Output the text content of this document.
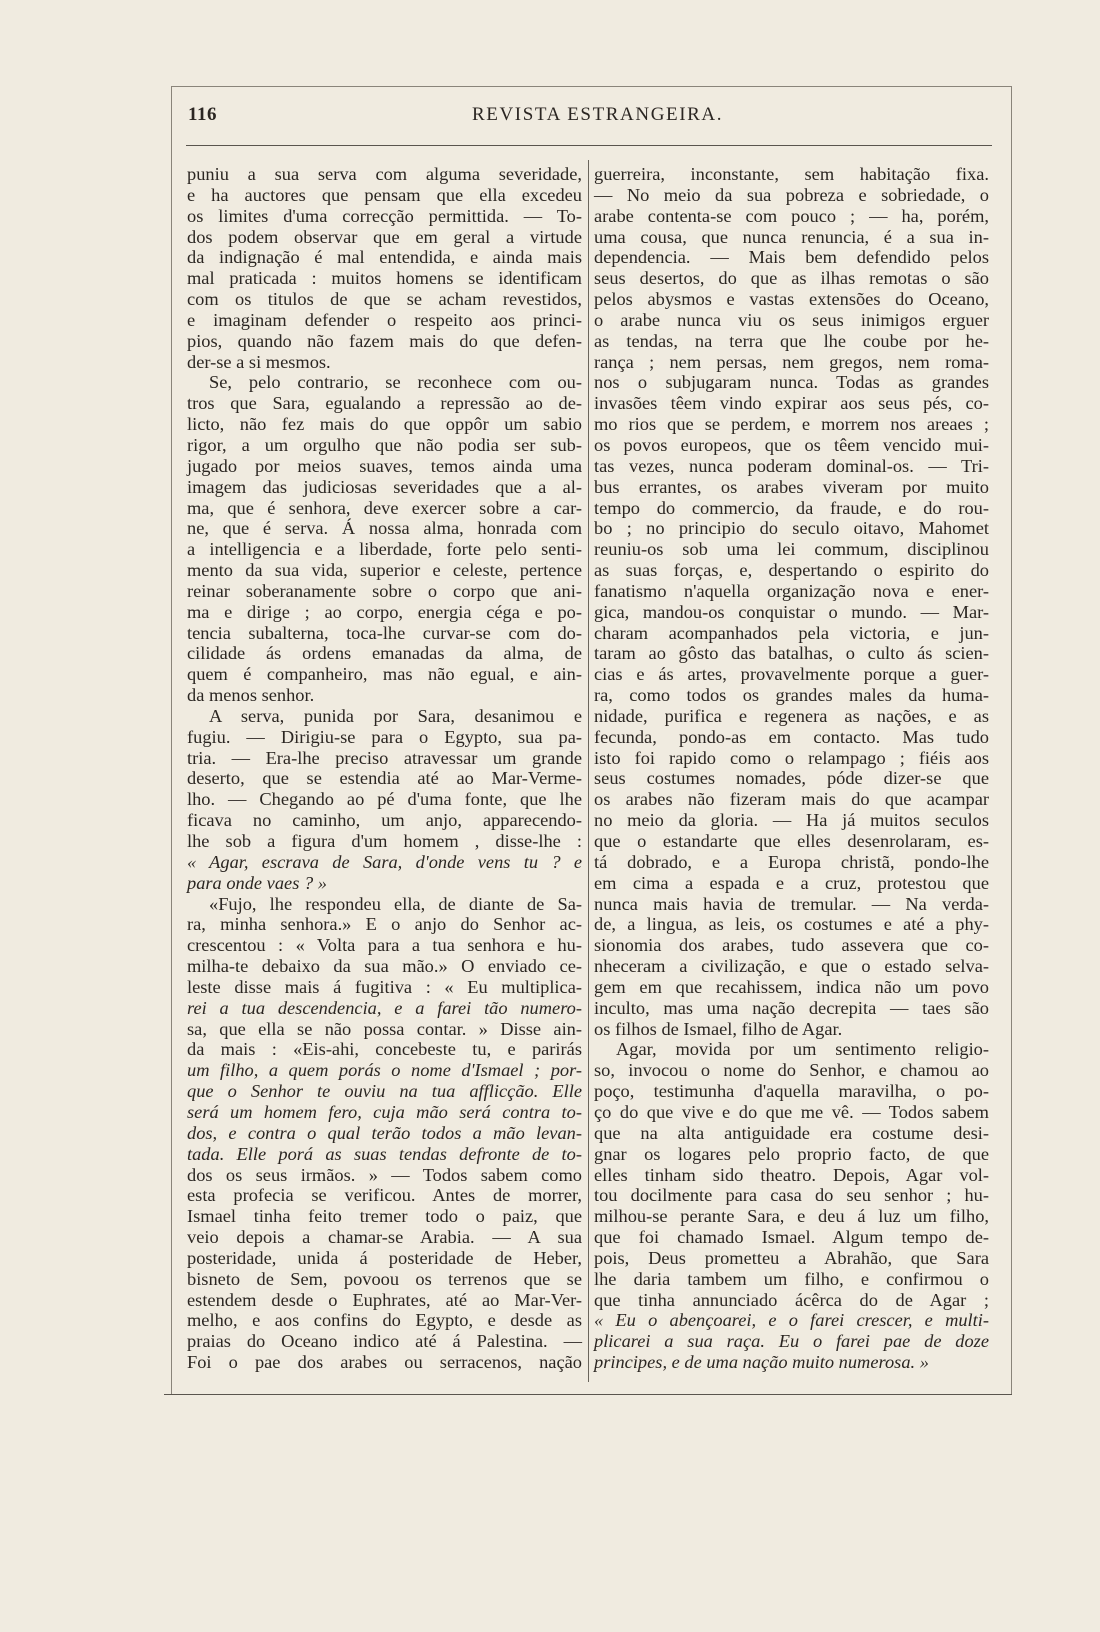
116	REVISTA ESTRANGEIRA.
puniu a sua serva com alguma severidade,
e ha auctores que pensam que ella excedeu
os limites d'uma correcção permittida. — To-
dos podem observar que em geral a virtude
da indignação é mal entendida, e ainda mais
mal praticada : muitos homens se identificam
com os titulos de que se acham revestidos,
e imaginam defender o respeito aos princi-
pios, quando não fazem mais do que defen-
der-se a si mesmos.
Se, pelo contrario, se reconhece com ou-
tros que Sara, egualando a repressão ao de-
licto, não fez mais do que oppôr um sabio
rigor, a um orgulho que não podia ser sub-
jugado por meios suaves, temos ainda uma
imagem das judiciosas severidades que a al-
ma, que é senhora, deve exercer sobre a car-
ne, que é serva. Á nossa alma, honrada com
a intelligencia e a liberdade, forte pelo senti-
mento da sua vida, superior e celeste, pertence
reinar soberanamente sobre o corpo que ani-
ma e dirige ; ao corpo, energia céga e po-
tencia subalterna, toca-lhe curvar-se com do-
cilidade ás ordens emanadas da alma, de
quem é companheiro, mas não egual, e ain-
da menos senhor.
A serva, punida por Sara, desanimou e
fugiu. — Dirigiu-se para o Egypto, sua pa-
tria. — Era-lhe preciso atravessar um grande
deserto, que se estendia até ao Mar-Verme-
lho. — Chegando ao pé d'uma fonte, que lhe
ficava no caminho, um anjo, apparecendo-
lhe sob a figura d'um homem , disse-lhe :
« Agar, escrava de Sara, d'onde vens tu ? e
para onde vaes ? »
«Fujo, lhe respondeu ella, de diante de Sa-
ra, minha senhora.» E o anjo do Senhor ac-
crescentou : « Volta para a tua senhora e hu-
milha-te debaixo da sua mão.» O enviado ce-
leste disse mais á fugitiva : « Eu multiplica-
rei a tua descendencia, e a farei tão numero-
sa, que ella se não possa contar. » Disse ain-
da mais : «Eis-ahi, concebeste tu, e parirás
um filho, a quem porás o nome d'Ismael ; por-
que o Senhor te ouviu na tua afflicção. Elle
será um homem fero, cuja mão será contra to-
dos, e contra o qual terão todos a mão levan-
tada. Elle porá as suas tendas defronte de to-
dos os seus irmãos. » — Todos sabem como
esta profecia se verificou. Antes de morrer,
Ismael tinha feito tremer todo o paiz, que
veio depois a chamar-se Arabia. — A sua
posteridade, unida á posteridade de Heber,
bisneto de Sem, povoou os terrenos que se
estendem desde o Euphrates, até ao Mar-Ver-
melho, e aos confins do Egypto, e desde as
praias do Oceano indico até á Palestina. —
Foi o pae dos arabes ou serracenos, nação
guerreira, inconstante, sem habitação fixa.
— No meio da sua pobreza e sobriedade, o
arabe contenta-se com pouco ; — ha, porém,
uma cousa, que nunca renuncia, é a sua in-
dependencia. — Mais bem defendido pelos
seus desertos, do que as ilhas remotas o são
pelos abysmos e vastas extensões do Oceano,
o arabe nunca viu os seus inimigos erguer
as tendas, na terra que lhe coube por he-
rança ; nem persas, nem gregos, nem roma-
nos o subjugaram nunca. Todas as grandes
invasões têem vindo expirar aos seus pés, co-
mo rios que se perdem, e morrem nos areaes ;
os povos europeos, que os têem vencido mui-
tas vezes, nunca poderam dominal-os. — Tri-
bus errantes, os arabes viveram por muito
tempo do commercio, da fraude, e do rou-
bo ; no principio do seculo oitavo, Mahomet
reuniu-os sob uma lei commum, disciplinou
as suas forças, e, despertando o espirito do
fanatismo n'aquella organização nova e ener-
gica, mandou-os conquistar o mundo. — Mar-
charam acompanhados pela victoria, e jun-
taram ao gôsto das batalhas, o culto ás scien-
cias e ás artes, provavelmente porque a guer-
ra, como todos os grandes males da huma-
nidade, purifica e regenera as nações, e as
fecunda, pondo-as em contacto. Mas tudo
isto foi rapido como o relampago ; fiéis aos
seus costumes nomades, póde dizer-se que
os arabes não fizeram mais do que acampar
no meio da gloria. — Ha já muitos seculos
que o estandarte que elles desenrolaram, es-
tá dobrado, e a Europa christã, pondo-lhe
em cima a espada e a cruz, protestou que
nunca mais havia de tremular. — Na verda-
de, a lingua, as leis, os costumes e até a phy-
sionomia dos arabes, tudo assevera que co-
nheceram a civilização, e que o estado selva-
gem em que recahissem, indica não um povo
inculto, mas uma nação decrepita — taes são
os filhos de Ismael, filho de Agar.
Agar, movida por um sentimento religio-
so, invocou o nome do Senhor, e chamou ao
poço, testimunha d'aquella maravilha, o po-
ço do que vive e do que me vê. — Todos sabem
que na alta antiguidade era costume desi-
gnar os logares pelo proprio facto, de que
elles tinham sido theatro. Depois, Agar vol-
tou docilmente para casa do seu senhor ; hu-
milhou-se perante Sara, e deu á luz um filho,
que foi chamado Ismael. Algum tempo de-
pois, Deus prometteu a Abrahão, que Sara
lhe daria tambem um filho, e confirmou o
que tinha annunciado ácêrca do de Agar ;
« Eu o abençoarei, e o farei crescer, e multi-
plicarei a sua raça. Eu o farei pae de doze
principes, e de uma nação muito numerosa. »
